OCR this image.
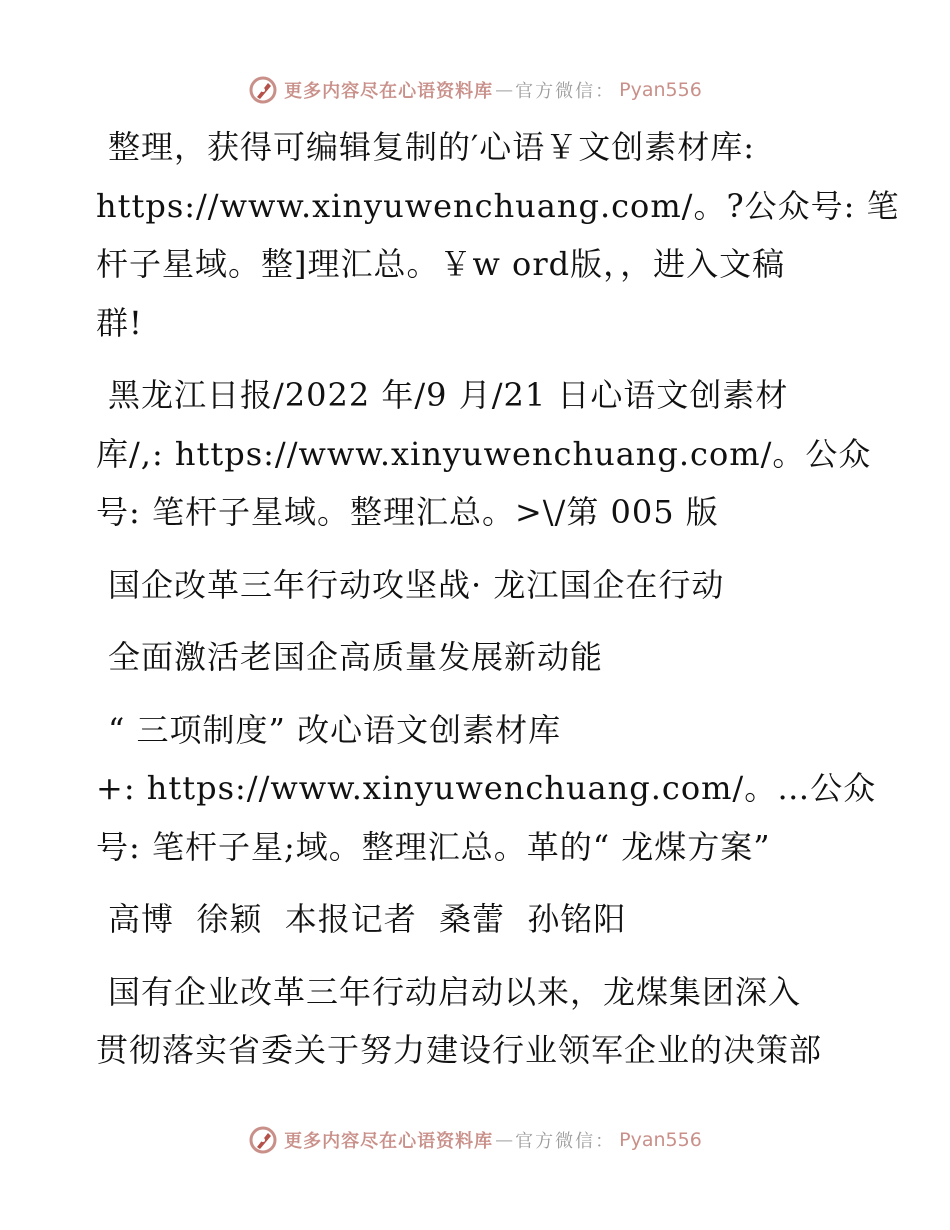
更多内容尽在心语资料库 — 官方微信： Pyan556

整理，获得可编辑复制的′心语￥文创素材库:
https://www.xinyuwenchuang.com/。?公众号: 笔
杆子星域。整]理汇总。￥w ord版，，进入文稿
群!

黑龙江日报/2022 年/9 月/21 日心语文创素材
库/,: https://www.xinyuwenchuang.com/。公众
号: 笔杆子星域。整理汇总。>\/第 005 版

国企改革三年行动攻坚战· 龙江国企在行动

全面激活老国企高质量发展新动能

“ 三项制度” 改心语文创素材库
+: https://www.xinyuwenchuang.com/。…公众
号: 笔杆子星;域。整理汇总。革的“ 龙煤方案”

高博  徐颖  本报记者  桑蕾  孙铭阳

国有企业改革三年行动启动以来，龙煤集团深入
贯彻落实省委关于努力建设行业领军企业的决策部

更多内容尽在心语资料库 — 官方微信： Pyan556
